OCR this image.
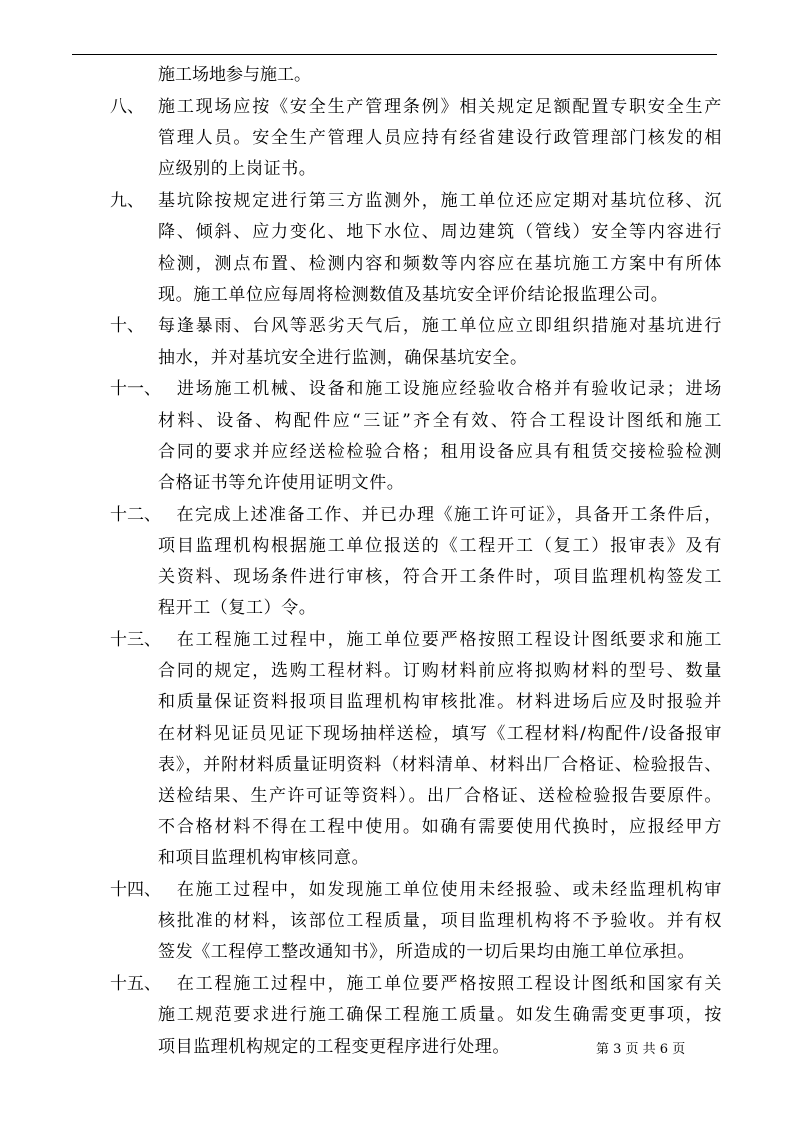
施工场地参与施工。
八、 施工现场应按《安全生产管理条例》相关规定足额配置专职安全生产
管理人员。安全生产管理人员应持有经省建设行政管理部门核发的相
应级别的上岗证书。
九、 基坑除按规定进行第三方监测外，施工单位还应定期对基坑位移、沉
降、倾斜、应力变化、地下水位、周边建筑（管线）安全等内容进行
检测，测点布置、检测内容和频数等内容应在基坑施工方案中有所体
现。施工单位应每周将检测数值及基坑安全评价结论报监理公司。
十、 每逢暴雨、台风等恶劣天气后，施工单位应立即组织措施对基坑进行
抽水，并对基坑安全进行监测，确保基坑安全。
十一、
　进场施工机械、设备和施工设施应经验收合格并有验收记录；进场
材料、设备、构配件应“三证”齐全有效、符合工程设计图纸和施工
合同的要求并应经送检检验合格；租用设备应具有租赁交接检验检测
合格证书等允许使用证明文件。
十二、
　在完成上述准备工作、并已办理《施工许可证》，具备开工条件后，
项目监理机构根据施工单位报送的《工程开工（复工）报审表》及有
关资料、现场条件进行审核，符合开工条件时，项目监理机构签发工
程开工（复工）令。
十三、
　在工程施工过程中，施工单位要严格按照工程设计图纸要求和施工
合同的规定，选购工程材料。订购材料前应将拟购材料的型号、数量
和质量保证资料报项目监理机构审核批准。材料进场后应及时报验并
在材料见证员见证下现场抽样送检，填写《工程材料/构配件/设备报审
表》，并附材料质量证明资料（材料清单、材料出厂合格证、检验报告、
送检结果、生产许可证等资料）。出厂合格证、送检检验报告要原件。
不合格材料不得在工程中使用。如确有需要使用代换时，应报经甲方
和项目监理机构审核同意。
十四、
　在施工过程中，如发现施工单位使用未经报验、或未经监理机构审
核批准的材料，该部位工程质量，项目监理机构将不予验收。并有权
签发《工程停工整改通知书》，所造成的一切后果均由施工单位承担。
十五、
　在工程施工过程中，施工单位要严格按照工程设计图纸和国家有关
施工规范要求进行施工确保工程施工质量。如发生确需变更事项，按
项目监理机构规定的工程变更程序进行处理。	第 3 页 共 6 页
